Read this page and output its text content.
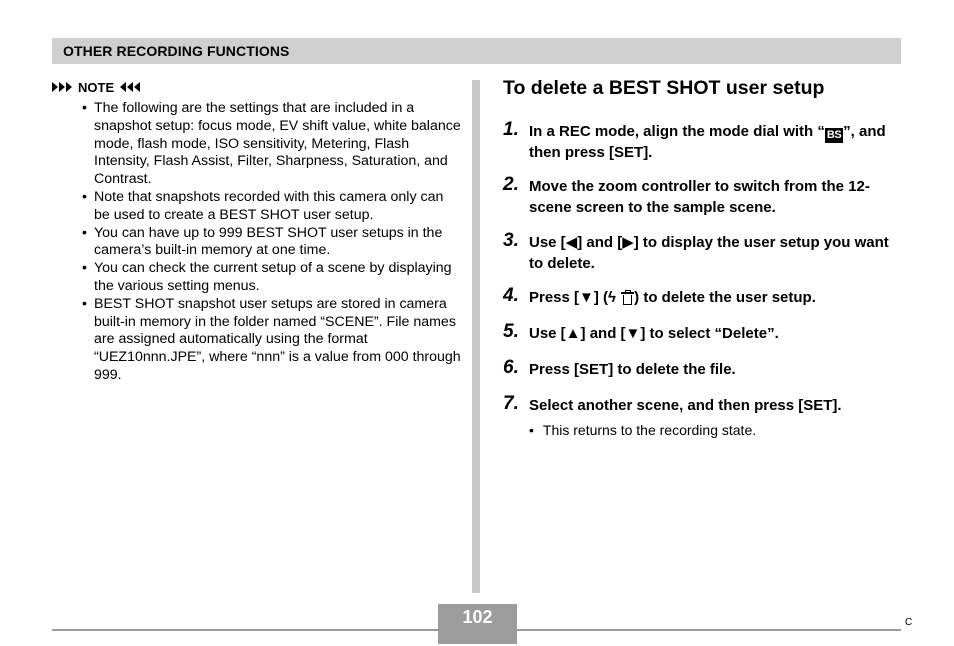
OTHER RECORDING FUNCTIONS
NOTE
• The following are the settings that are included in a snapshot setup: focus mode, EV shift value, white balance mode, flash mode, ISO sensitivity, Metering, Flash Intensity, Flash Assist, Filter, Sharpness, Saturation, and Contrast.
• Note that snapshots recorded with this camera only can be used to create a BEST SHOT user setup.
• You can have up to 999 BEST SHOT user setups in the camera’s built-in memory at one time.
• You can check the current setup of a scene by displaying the various setting menus.
• BEST SHOT snapshot user setups are stored in camera built-in memory in the folder named “SCENE”. File names are assigned automatically using the format “UEZ10nnn.JPE”, where “nnn” is a value from 000 through 999.
To delete a BEST SHOT user setup
1. In a REC mode, align the mode dial with “ BS ”, and then press [SET].
2. Move the zoom controller to switch from the 12-scene screen to the sample scene.
3. Use [◀] and [▶] to display the user setup you want to delete.
4. Press [▼] (ϟ ) to delete the user setup.
5. Use [▲] and [▼] to select “Delete”.
6. Press [SET] to delete the file.
7. Select another scene, and then press [SET].
• This returns to the recording state.
102	C
